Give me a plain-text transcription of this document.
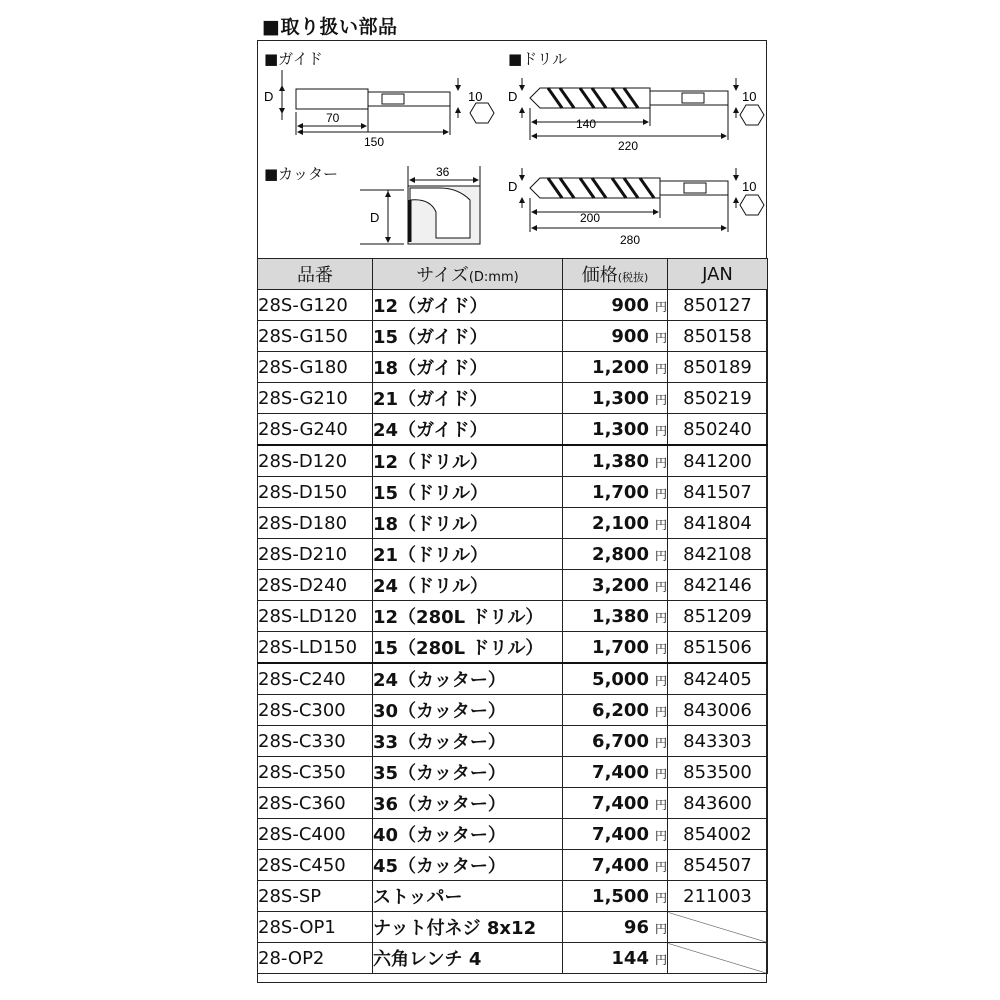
■取り扱い部品
■ガイド	■ドリル
■カッター
D	10
70
150
D	10
140
220
D
36
D	10
200
280
品番	サイズ(D:mm)	価格(税抜)	JAN
28S-G120	12（ガイド）	900 円	850127
28S-G150	15（ガイド）	900 円	850158
28S-G180	18（ガイド）	1,200 円	850189
28S-G210	21（ガイド）	1,300 円	850219
28S-G240	24（ガイド）	1,300 円	850240
28S-D120	12（ドリル）	1,380 円	841200
28S-D150	15（ドリル）	1,700 円	841507
28S-D180	18（ドリル）	2,100 円	841804
28S-D210	21（ドリル）	2,800 円	842108
28S-D240	24（ドリル）	3,200 円	842146
28S-LD120	12（280L ドリル）	1,380 円	851209
28S-LD150	15（280L ドリル）	1,700 円	851506
28S-C240	24（カッター）	5,000 円	842405
28S-C300	30（カッター）	6,200 円	843006
28S-C330	33（カッター）	6,700 円	843303
28S-C350	35（カッター）	7,400 円	853500
28S-C360	36（カッター）	7,400 円	843600
28S-C400	40（カッター）	7,400 円	854002
28S-C450	45（カッター）	7,400 円	854507
28S-SP	ストッパー	1,500 円	211003
28S-OP1	ナット付ネジ 8x12	96 円	
28-OP2	六角レンチ 4	144 円	
